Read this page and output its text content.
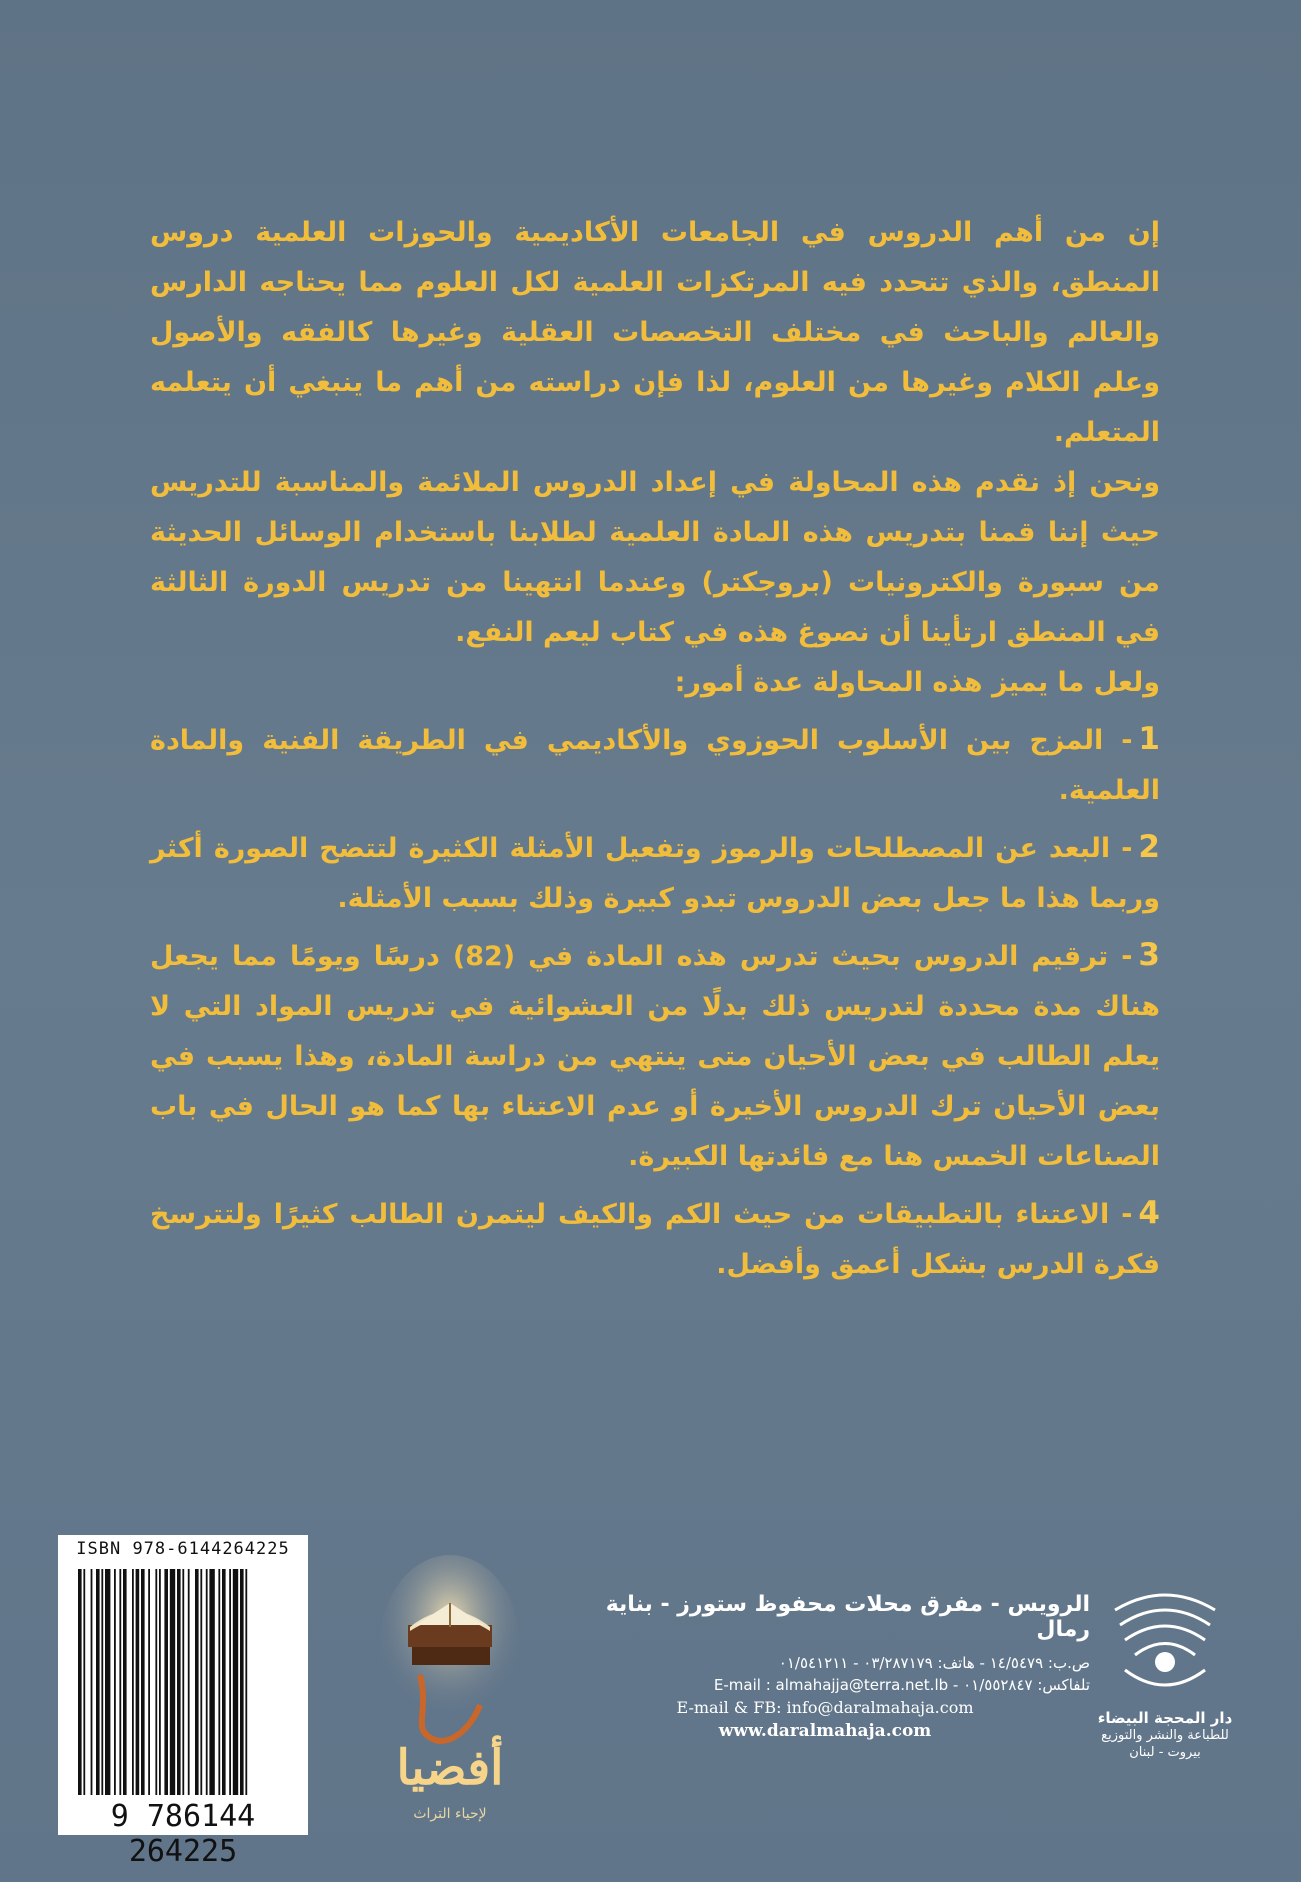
إن من أهم الدروس في الجامعات الأكاديمية والحوزات العلمية دروس المنطق، والذي تتحدد فيه المرتكزات العلمية لكل العلوم مما يحتاجه الدارس والعالم والباحث في مختلف التخصصات العقلية وغيرها كالفقه والأصول وعلم الكلام وغيرها من العلوم، لذا فإن دراسته من أهم ما ينبغي أن يتعلمه المتعلم.

ونحن إذ نقدم هذه المحاولة في إعداد الدروس الملائمة والمناسبة للتدريس حيث إننا قمنا بتدريس هذه المادة العلمية لطلابنا باستخدام الوسائل الحديثة من سبورة والكترونيات (بروجكتر) وعندما انتهينا من تدريس الدورة الثالثة في المنطق ارتأينا أن نصوغ هذه في كتاب ليعم النفع.

ولعل ما يميز هذه المحاولة عدة أمور:

1- المزج بين الأسلوب الحوزوي والأكاديمي في الطريقة الفنية والمادة العلمية.

2- البعد عن المصطلحات والرموز وتفعيل الأمثلة الكثيرة لتتضح الصورة أكثر وربما هذا ما جعل بعض الدروس تبدو كبيرة وذلك بسبب الأمثلة.

3- ترقيم الدروس بحيث تدرس هذه المادة في (82) درسًا ويومًا مما يجعل هناك مدة محددة لتدريس ذلك بدلًا من العشوائية في تدريس المواد التي لا يعلم الطالب في بعض الأحيان متى ينتهي من دراسة المادة، وهذا يسبب في بعض الأحيان ترك الدروس الأخيرة أو عدم الاعتناء بها كما هو الحال في باب الصناعات الخمس هنا مع فائدتها الكبيرة.

4- الاعتناء بالتطبيقات من حيث الكم والكيف ليتمرن الطالب كثيرًا ولتترسخ فكرة الدرس بشكل أعمق وأفضل.

ISBN 978-6144264225
9 786144 264225
أفضيا
لإحياء التراث
الرويس - مفرق محلات محفوظ ستورز - بناية رمال
ص.ب: ١٤/٥٤٧٩ - هاتف: ٠٣/٢٨٧١٧٩ - ٠١/٥٤١٢١١
تلفاكس: ٠١/٥٥٢٨٤٧ - E-mail : almahajja@terra.net.lb
E-mail & FB: info@daralmahaja.com
www.daralmahaja.com
دار المحجة البيضاء
للطباعة والنشر والتوزيع
بيروت - لبنان
